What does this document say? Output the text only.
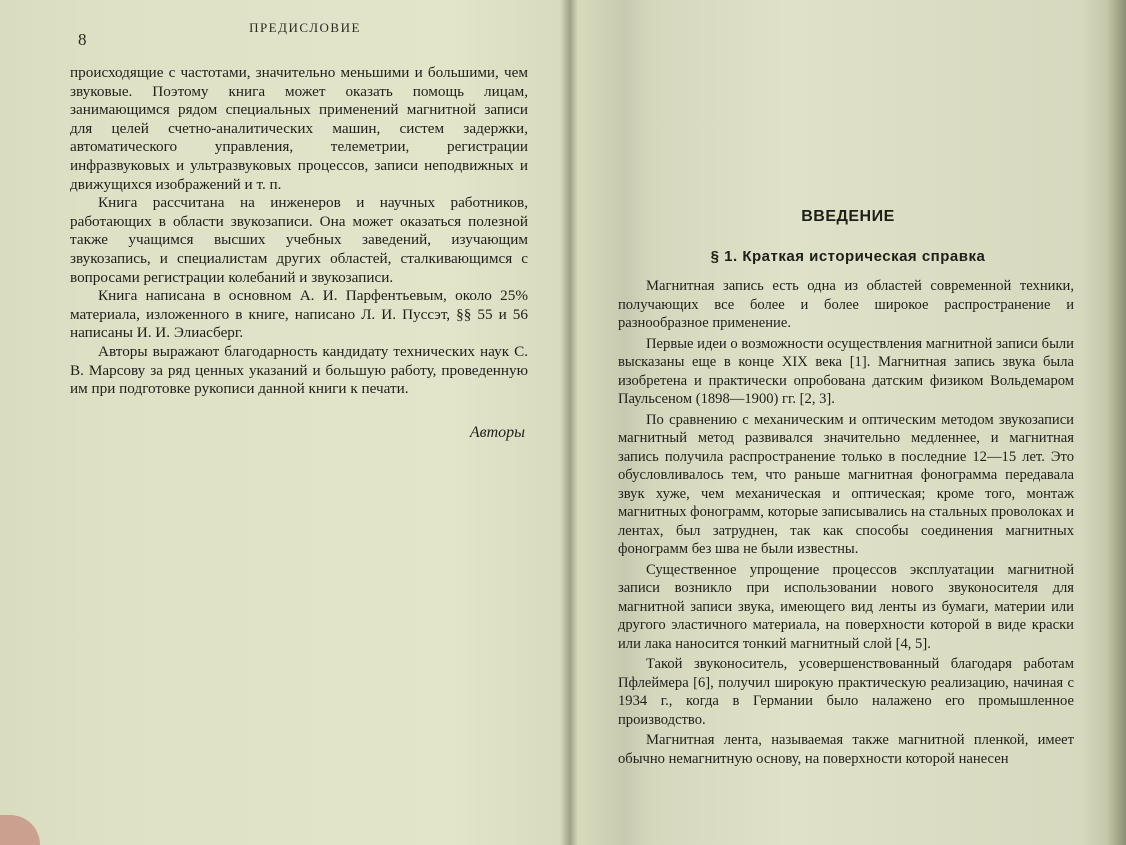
ПРЕДИСЛОВИЕ
8

происходящие с частотами, значительно меньшими и большими, чем звуковые. Поэтому книга может оказать помощь лицам, занимающимся рядом специальных применений магнитной записи для целей счетно-аналитических машин, систем задержки, автоматического управления, телеметрии, регистрации инфразвуковых и ультразвуковых процессов, записи неподвижных и движущихся изображений и т. п.

Книга рассчитана на инженеров и научных работников, работающих в области звукозаписи. Она может оказаться полезной также учащимся высших учебных заведений, изучающим звукозапись, и специалистам других областей, сталкивающимся с вопросами регистрации колебаний и звукозаписи.

Книга написана в основном А. И. Парфентьевым, около 25% материала, изложенного в книге, написано Л. И. Пуссэт, §§ 55 и 56 написаны И. И. Элиасберг.

Авторы выражают благодарность кандидату технических наук С. В. Марсову за ряд ценных указаний и большую работу, проведенную им при подготовке рукописи данной книги к печати.

Авторы
ВВЕДЕНИЕ
§ 1. Краткая историческая справка

Магнитная запись есть одна из областей современной техники, получающих все более и более широкое распространение и разнообразное применение.

Первые идеи о возможности осуществления магнитной записи были высказаны еще в конце XIX века [1]. Магнитная запись звука была изобретена и практически опробована датским физиком Вольдемаром Паульсеном (1898—1900) гг. [2, 3].

По сравнению с механическим и оптическим методом звукозаписи магнитный метод развивался значительно медленнее, и магнитная запись получила распространение только в последние 12—15 лет. Это обусловливалось тем, что раньше магнитная фонограмма передавала звук хуже, чем механическая и оптическая; кроме того, монтаж магнитных фонограмм, которые записывались на стальных проволоках и лентах, был затруднен, так как способы соединения магнитных фонограмм без шва не были известны.

Существенное упрощение процессов эксплуатации магнитной записи возникло при использовании нового звуконосителя для магнитной записи звука, имеющего вид ленты из бумаги, материи или другого эластичного материала, на поверхности которой в виде краски или лака наносится тонкий магнитный слой [4, 5].

Такой звуконоситель, усовершенствованный благодаря работам Пфлеймера [6], получил широкую практическую реализацию, начиная с 1934 г., когда в Германии было налажено его промышленное производство.

Магнитная лента, называемая также магнитной пленкой, имеет обычно немагнитную основу, на поверхности которой нанесен
